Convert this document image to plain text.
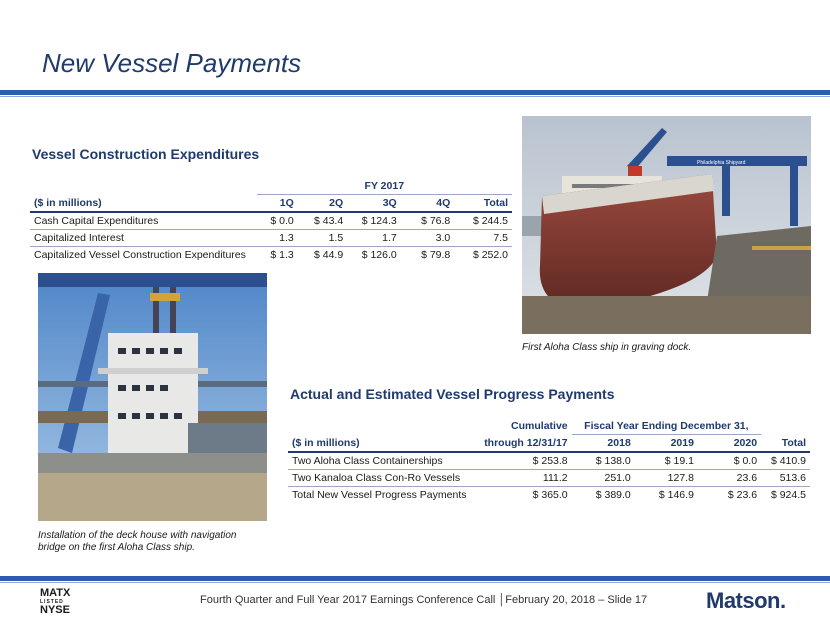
New Vessel Payments
Vessel Construction Expenditures
	FY 2017				
($ in millions)	1Q	2Q	3Q	4Q	Total
Cash Capital Expenditures	$ 0.0	$ 43.4	$ 124.3	$ 76.8	$ 244.5
Capitalized Interest	1.3	1.5	1.7	3.0	7.5
Capitalized Vessel Construction Expenditures	$ 1.3	$ 44.9	$ 126.0	$ 79.8	$ 252.0
Philadelphia Shipyard
First Aloha Class ship in graving dock.
Installation of the deck house with navigation
bridge on the first Aloha Class ship.
Actual and Estimated Vessel Progress Payments
	Cumulative	Fiscal Year Ending December 31,			
($ in millions)	through 12/31/17	2018	2019	2020	Total
Two Aloha Class Containerships	$ 253.8	$ 138.0	$ 19.1	$ 0.0	$ 410.9
Two Kanaloa Class Con-Ro Vessels	111.2	251.0	127.8	23.6	513.6
Total New Vessel Progress Payments	$ 365.0	$ 389.0	$ 146.9	$ 23.6	$ 924.5
MATX
LISTED
NYSE
Fourth Quarter and Full Year 2017 Earnings Conference Call │February 20, 2018 – Slide 17	Matson.
